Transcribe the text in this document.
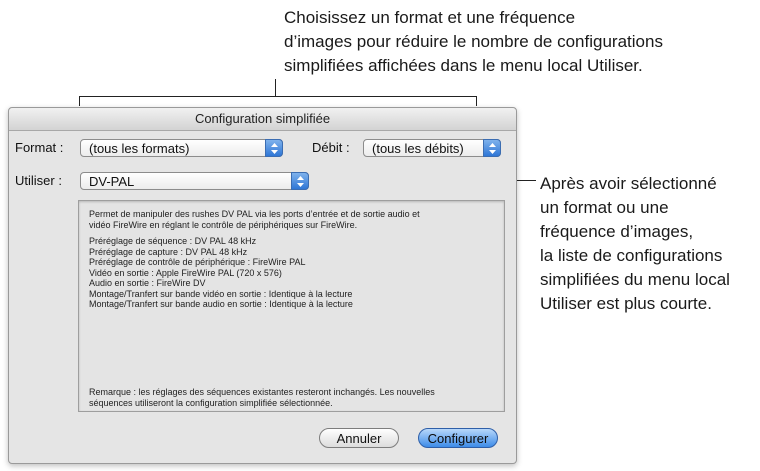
Choisissez un format et une fréquence
d’images pour réduire le nombre de configurations
simplifiées affichées dans le menu local Utiliser.
Après avoir sélectionné
un format ou une
fréquence d’images,
la liste de configurations
simplifiées du menu local
Utiliser est plus courte.
Configuration simplifiée
Format :	(tous les formats)	Débit :	(tous les débits)
Utiliser :	DV-PAL

Permet de manipuler des rushes DV PAL via les ports d’entrée et de sortie audio et

vidéo FireWire en réglant le contrôle de périphériques sur FireWire.

Préréglage de séquence : DV PAL 48 kHz

Préréglage de capture : DV PAL 48 kHz

Préréglage de contrôle de périphérique : FireWire PAL

Vidéo en sortie : Apple FireWire PAL (720 x 576)

Audio en sortie : FireWire DV

Montage/Tranfert sur bande vidéo en sortie : Identique à la lecture

Montage/Tranfert sur bande audio en sortie : Identique à la lecture

Remarque : les réglages des séquences existantes resteront inchangés. Les nouvelles
séquences utiliseront la configuration simplifiée sélectionnée.
Annuler	Configurer
